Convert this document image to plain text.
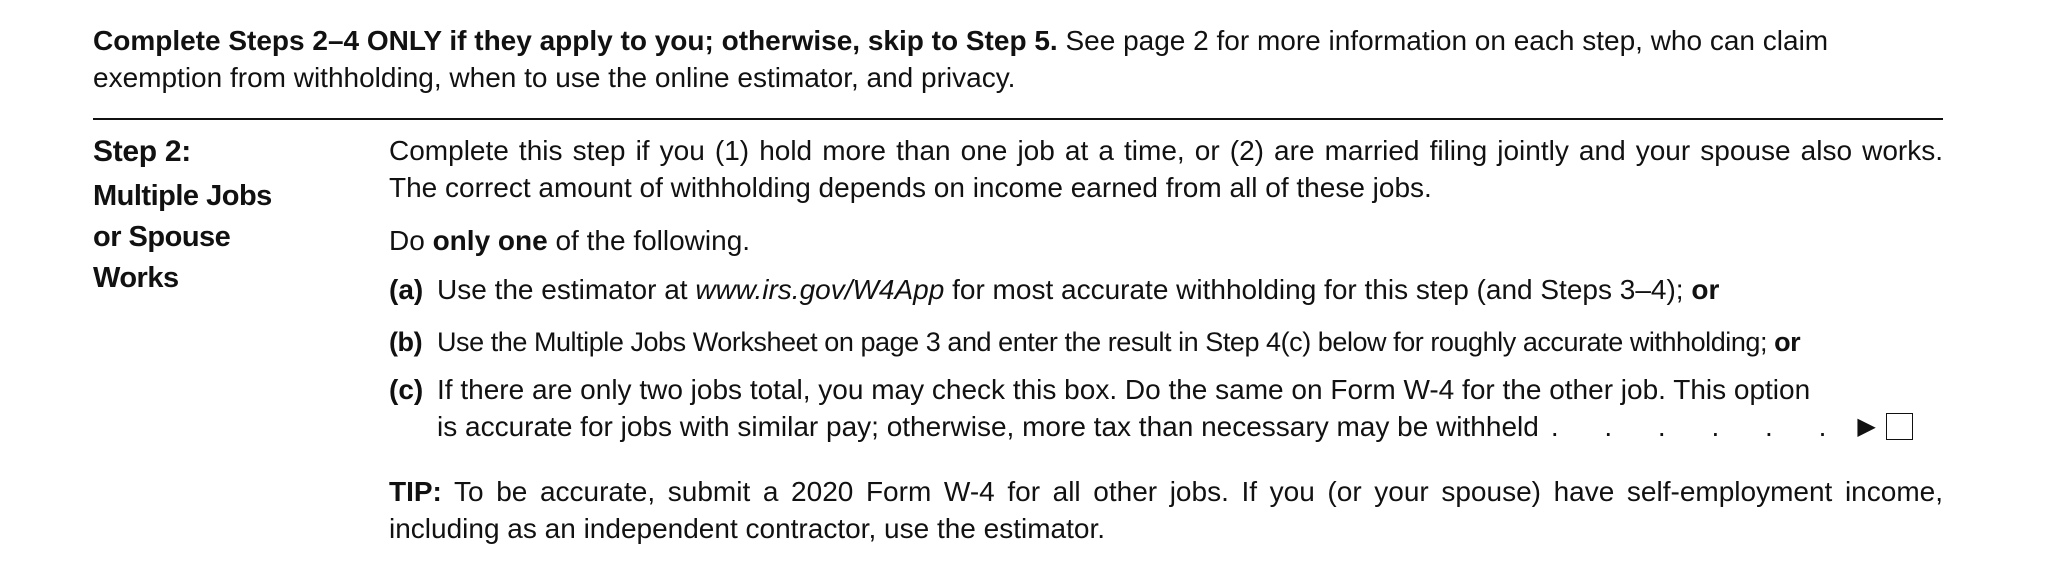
Complete Steps 2–4 ONLY if they apply to you; otherwise, skip to Step 5. See page 2 for more information on each step, who can claim exemption from withholding, when to use the online estimator, and privacy.
Step 2:
Multiple Jobs
or Spouse
Works
Complete this step if you (1) hold more than one job at a time, or (2) are married filing jointly and your spouse also works. The correct amount of withholding depends on income earned from all of these jobs.
Do only one of the following.
(a) Use the estimator at www.irs.gov/W4App for most accurate withholding for this step (and Steps 3–4); or
(b) Use the Multiple Jobs Worksheet on page 3 and enter the result in Step 4(c) below for roughly accurate withholding; or
(c) If there are only two jobs total, you may check this box. Do the same on Form W-4 for the other job. This option
is accurate for jobs with similar pay; otherwise, more tax than necessary may be withheld . . . . . . ▶
TIP: To be accurate, submit a 2020 Form W-4 for all other jobs. If you (or your spouse) have self-employment income, including as an independent contractor, use the estimator.
